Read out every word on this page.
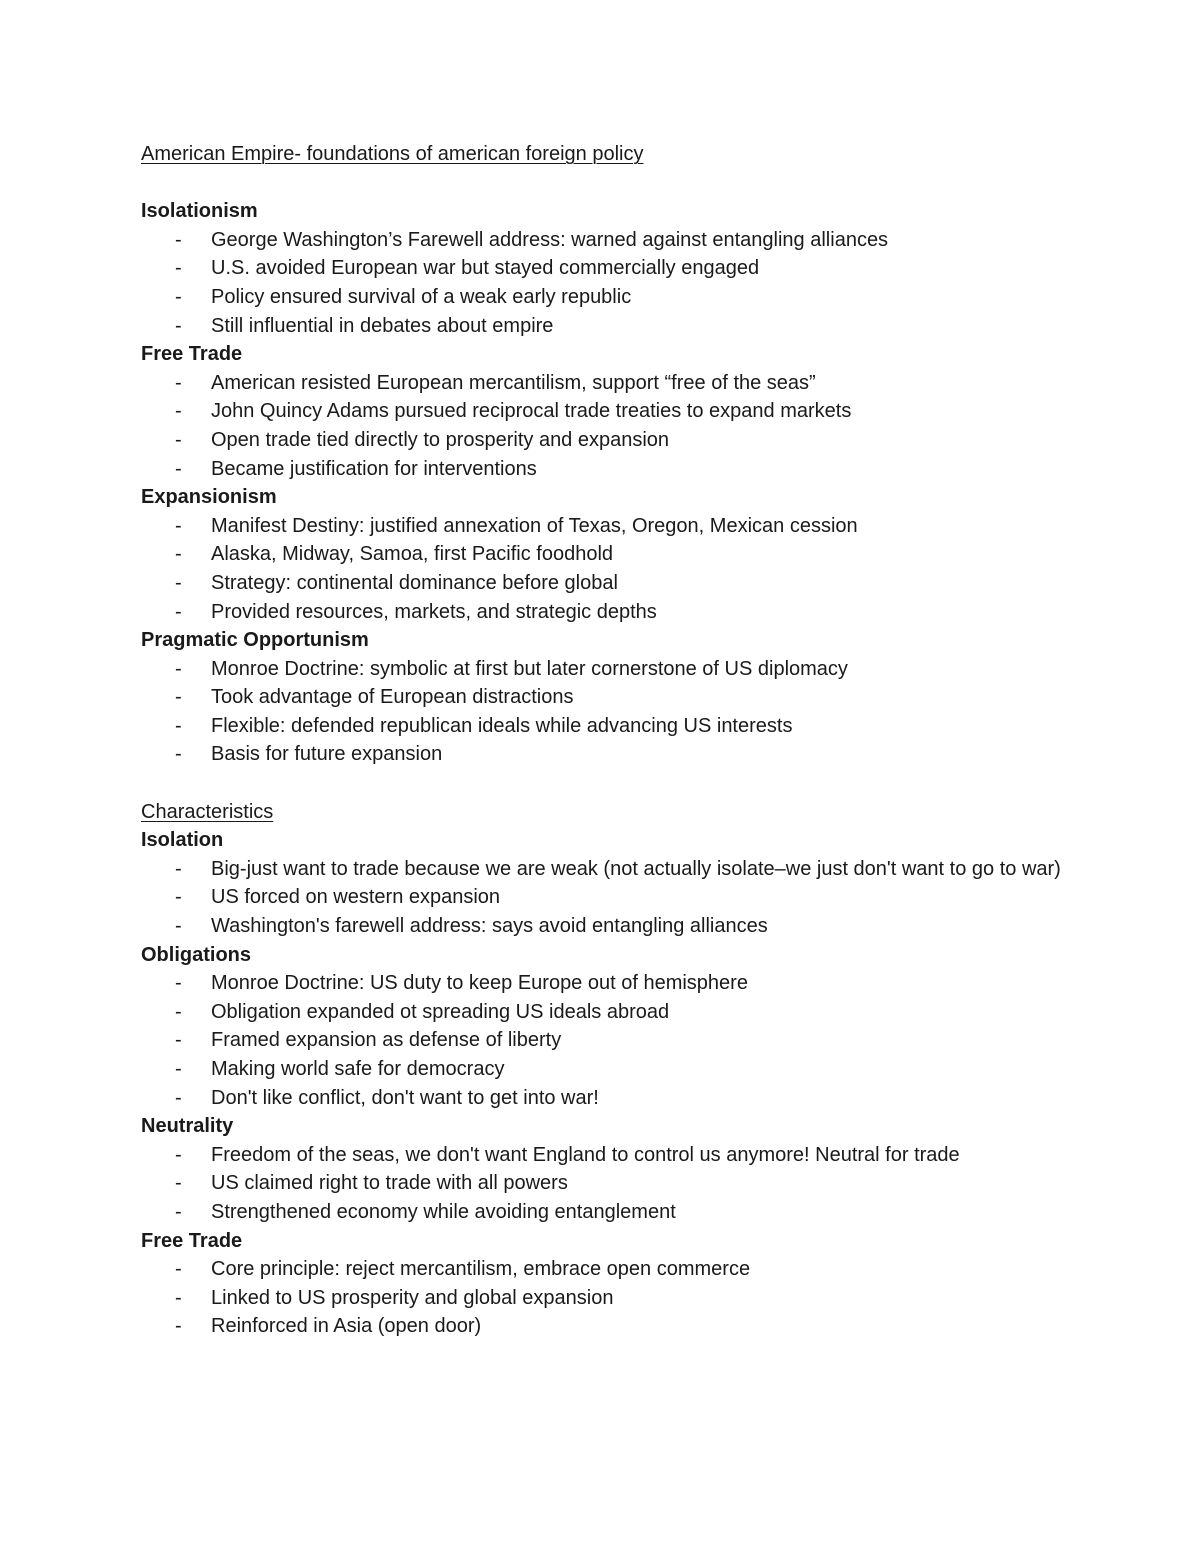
American Empire- foundations of american foreign policy

Isolationism

- George Washington’s Farewell address: warned against entangling alliances
- U.S. avoided European war but stayed commercially engaged
- Policy ensured survival of a weak early republic
- Still influential in debates about empire

Free Trade

- American resisted European mercantilism, support “free of the seas”
- John Quincy Adams pursued reciprocal trade treaties to expand markets
- Open trade tied directly to prosperity and expansion
- Became justification for interventions

Expansionism

- Manifest Destiny: justified annexation of Texas, Oregon, Mexican cession
- Alaska, Midway, Samoa, first Pacific foodhold
- Strategy: continental dominance before global
- Provided resources, markets, and strategic depths

Pragmatic Opportunism

- Monroe Doctrine: symbolic at first but later cornerstone of US diplomacy
- Took advantage of European distractions
- Flexible: defended republican ideals while advancing US interests
- Basis for future expansion

Characteristics

Isolation

- Big-just want to trade because we are weak (not actually isolate–we just don't want to go to war)
- US forced on western expansion
- Washington's farewell address: says avoid entangling alliances

Obligations

- Monroe Doctrine: US duty to keep Europe out of hemisphere
- Obligation expanded ot spreading US ideals abroad
- Framed expansion as defense of liberty
- Making world safe for democracy
- Don't like conflict, don't want to get into war!

Neutrality

- Freedom of the seas, we don't want England to control us anymore! Neutral for trade
- US claimed right to trade with all powers
- Strengthened economy while avoiding entanglement

Free Trade

- Core principle: reject mercantilism, embrace open commerce
- Linked to US prosperity and global expansion
- Reinforced in Asia (open door)
